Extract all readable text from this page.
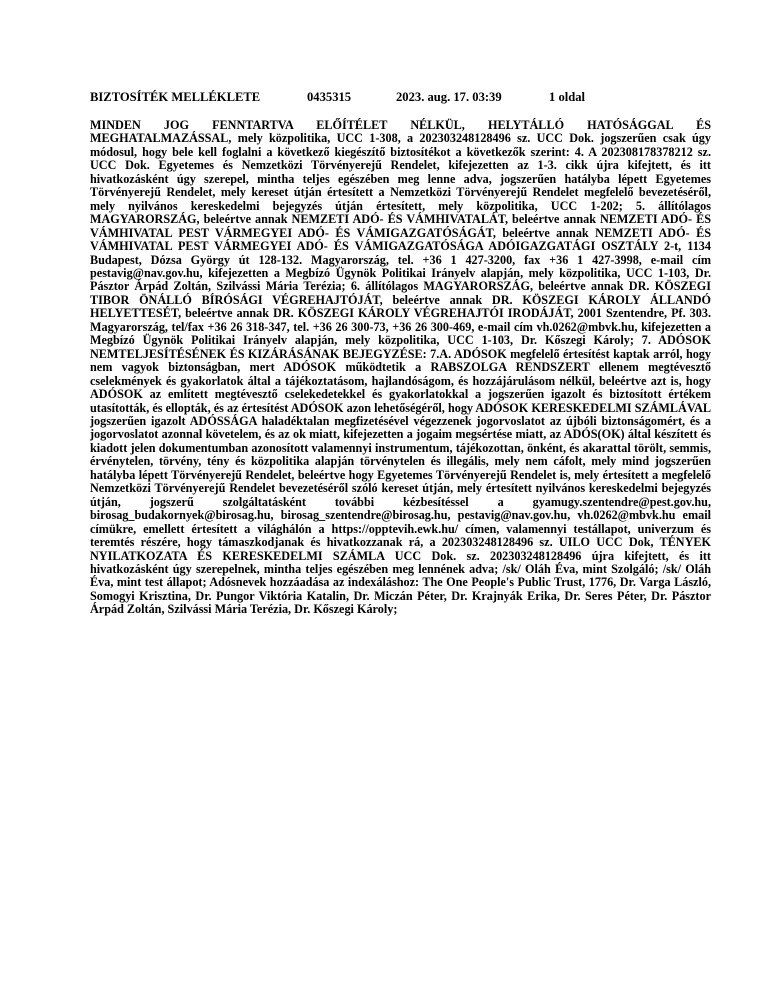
BIZTOSÍTÉK MELLÉKLETE	0435315	2023. aug. 17. 03:39	1 oldal

MINDEN JOG FENNTARTVA ELŐÍTÉLET NÉLKÜL, HELYTÁLLÓ HATÓSÁGGAL ÉS MEGHATALMAZÁSSAL, mely közpolitika, UCC 1-308, a 202303248128496 sz. UCC Dok. jogszerűen csak úgy módosul, hogy bele kell foglalni a következő kiegészítő biztosítékot a következők szerint: 4. A 202308178378212 sz. UCC Dok. Egyetemes és Nemzetközi Törvényerejű Rendelet, kifejezetten az 1-3. cikk újra kifejtett, és itt hivatkozásként úgy szerepel, mintha teljes egészében meg lenne adva, jogszerűen hatályba lépett Egyetemes Törvényerejű Rendelet, mely kereset útján értesített a Nemzetközi Törvényerejű Rendelet megfelelő bevezetéséről, mely nyilvános kereskedelmi bejegyzés útján értesített, mely közpolitika, UCC 1-202; 5. állítólagos MAGYARORSZÁG, beleértve annak NEMZETI ADÓ- ÉS VÁMHIVATALÁT, beleértve annak NEMZETI ADÓ- ÉS VÁMHIVATAL PEST VÁRMEGYEI ADÓ- ÉS VÁMIGAZGATÓSÁGÁT, beleértve annak NEMZETI ADÓ- ÉS VÁMHIVATAL PEST VÁRMEGYEI ADÓ- ÉS VÁMIGAZGATÓSÁGA ADÓIGAZGATÁGI OSZTÁLY 2-t, 1134 Budapest, Dózsa György út 128-132. Magyarország, tel. +36 1 427-3200, fax +36 1 427-3998, e-mail cím pestavig@nav.gov.hu, kifejezetten a Megbízó Ügynök Politikai Irányelv alapján, mely közpolitika, UCC 1-103, Dr. Pásztor Árpád Zoltán, Szilvássi Mária Terézia; 6. állítólagos MAGYARORSZÁG, beleértve annak DR. KÖSZEGI TIBOR ÖNÁLLÓ BÍRÓSÁGI VÉGREHAJTÓJÁT, beleértve annak DR. KÖSZEGI KÁROLY ÁLLANDÓ HELYETTESÉT, beleértve annak DR. KÖSZEGI KÁROLY VÉGREHAJTÓI IRODÁJÁT, 2001 Szentendre, Pf. 303. Magyarország, tel/fax +36 26 318-347, tel. +36 26 300-73, +36 26 300-469, e-mail cím vh.0262@mbvk.hu, kifejezetten a Megbízó Ügynök Politikai Irányelv alapján, mely közpolitika, UCC 1-103, Dr. Kőszegi Károly; 7. ADÓSOK NEMTELJESÍTÉSÉNEK ÉS KIZÁRÁSÁNAK BEJEGYZÉSE: 7.A. ADÓSOK megfelelő értesítést kaptak arról, hogy nem vagyok biztonságban, mert ADÓSOK működtetik a RABSZOLGA RENDSZERT ellenem megtévesztő cselekmények és gyakorlatok által a tájékoztatásom, hajlandóságom, és hozzájárulásom nélkül, beleértve azt is, hogy ADÓSOK az említett megtévesztő cselekedetekkel és gyakorlatokkal a jogszerűen igazolt és biztosított értékem utasították, és ellopták, és az értesítést ADÓSOK azon lehetőségéről, hogy ADÓSOK KERESKEDELMI SZÁMLÁVAL jogszerűen igazolt ADÓSSÁGA haladéktalan megfizetésével végezzenek jogorvoslatot az újbóli biztonságomért, és a jogorvoslatot azonnal követelem, és az ok miatt, kifejezetten a jogaim megsértése miatt, az ADÓS(OK) által készített és kiadott jelen dokumentumban azonosított valamennyi instrumentum, tájékozottan, önként, és akarattal törölt, semmis, érvénytelen, törvény, tény és közpolitika alapján törvénytelen és illegális, mely nem cáfolt, mely mind jogszerűen hatályba lépett Törvényerejű Rendelet, beleértve hogy Egyetemes Törvényerejű Rendelet is, mely értesített a megfelelő Nemzetközi Törvényerejű Rendelet bevezetéséről szóló kereset útján, mely értesített nyilvános kereskedelmi bejegyzés útján, jogszerű szolgáltatásként további kézbesítéssel a gyamugy.szentendre@pest.gov.hu, birosag_budakornyek@birosag.hu, birosag_szentendre@birosag.hu, pestavig@nav.gov.hu, vh.0262@mbvk.hu email címükre, emellett értesített a világhálón a https://opptevih.ewk.hu/ címen, valamennyi testállapot, univerzum és teremtés részére, hogy támaszkodjanak és hivatkozzanak rá, a 202303248128496 sz. UILO UCC Dok, TÉNYEK NYILATKOZATA ÉS KERESKEDELMI SZÁMLA UCC Dok. sz. 202303248128496 újra kifejtett, és itt hivatkozásként úgy szerepelnek, mintha teljes egészében meg lennének adva; /sk/ Oláh Éva, mint Szolgáló; /sk/ Oláh Éva, mint test állapot; Adósnevek hozzáadása az indexáláshoz: The One People's Public Trust, 1776, Dr. Varga László, Somogyi Krisztina, Dr. Pungor Viktória Katalin, Dr. Miczán Péter, Dr. Krajnyák Erika, Dr. Seres Péter, Dr. Pásztor Árpád Zoltán, Szilvássi Mária Terézia, Dr. Kőszegi Károly;
